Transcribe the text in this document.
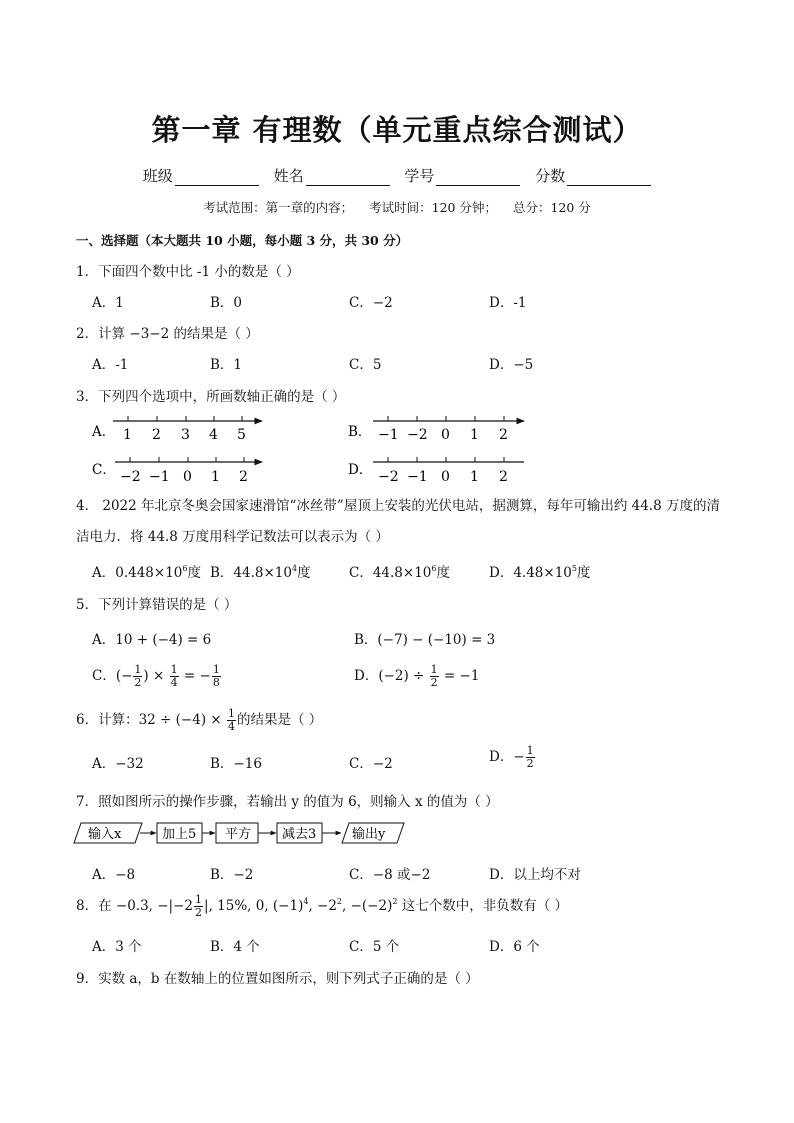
第一章 有理数（单元重点综合测试）
班级	姓名	学号	分数
考试范围：第一章的内容； 考试时间：120 分钟； 总分：120 分
一、选择题（本大题共 10 小题，每小题 3 分，共 30 分）
1．下面四个数中比 -1 小的数是（ ）
A．1	B．0	C．−2	D．-1
2．计算 −3−2 的结果是（ ）
A．-1	B．1	C．5	D．−5
3．下列四个选项中，所画数轴正确的是（ ）
A． 1 2 3 4 5	B． −1 −2 0 1 2
C． −2 −1 0 1 2	D． −2 −1 0 1 2
4． 2022 年北京冬奥会国家速滑馆“冰丝带”屋顶上安装的光伏电站，据测算，每年可输出约 44.8 万度的清洁电力．将 44.8 万度用科学记数法可以表示为（ ）
A．$0.448\times 10^6$度 B．$44.8\times 10^4$度	C．$44.8\times 10^6$度	D．$4.48\times 10^5$度
5．下列计算错误的是（ ）
A．10 + (−4) = 6	B．(−7) − (−10) = 3
C．(− $\frac{1}{2}$ ) × $\frac{1}{4}$ = − $\frac{1}{8}$	D．$(-2) \div \frac{1}{2} = -1$
6．计算：$32 \div (-4) \times \frac{1}{4}$ 的结果是（ ）
A．−32	B．−16	C．−2	D．− $\frac{1}{2}$
7．照如图所示的操作步骤，若输出 y 的值为 6，则输入 x 的值为（ ）
输入x	加上5 平方 减去3	输出y
A．−8	B．−2	C．−8 或−2	D．以上均不对
8．在 −0.3, $-|-2 \frac{1}{2}$ |, 15%, 0, $(-1)^4$, $-2^2$, $-(-2)^2$ 这七个数中，非负数有（ ）
A．3 个	B．4 个	C．5 个	D．6 个
9．实数 a，b 在数轴上的位置如图所示，则下列式子正确的是（ ）
